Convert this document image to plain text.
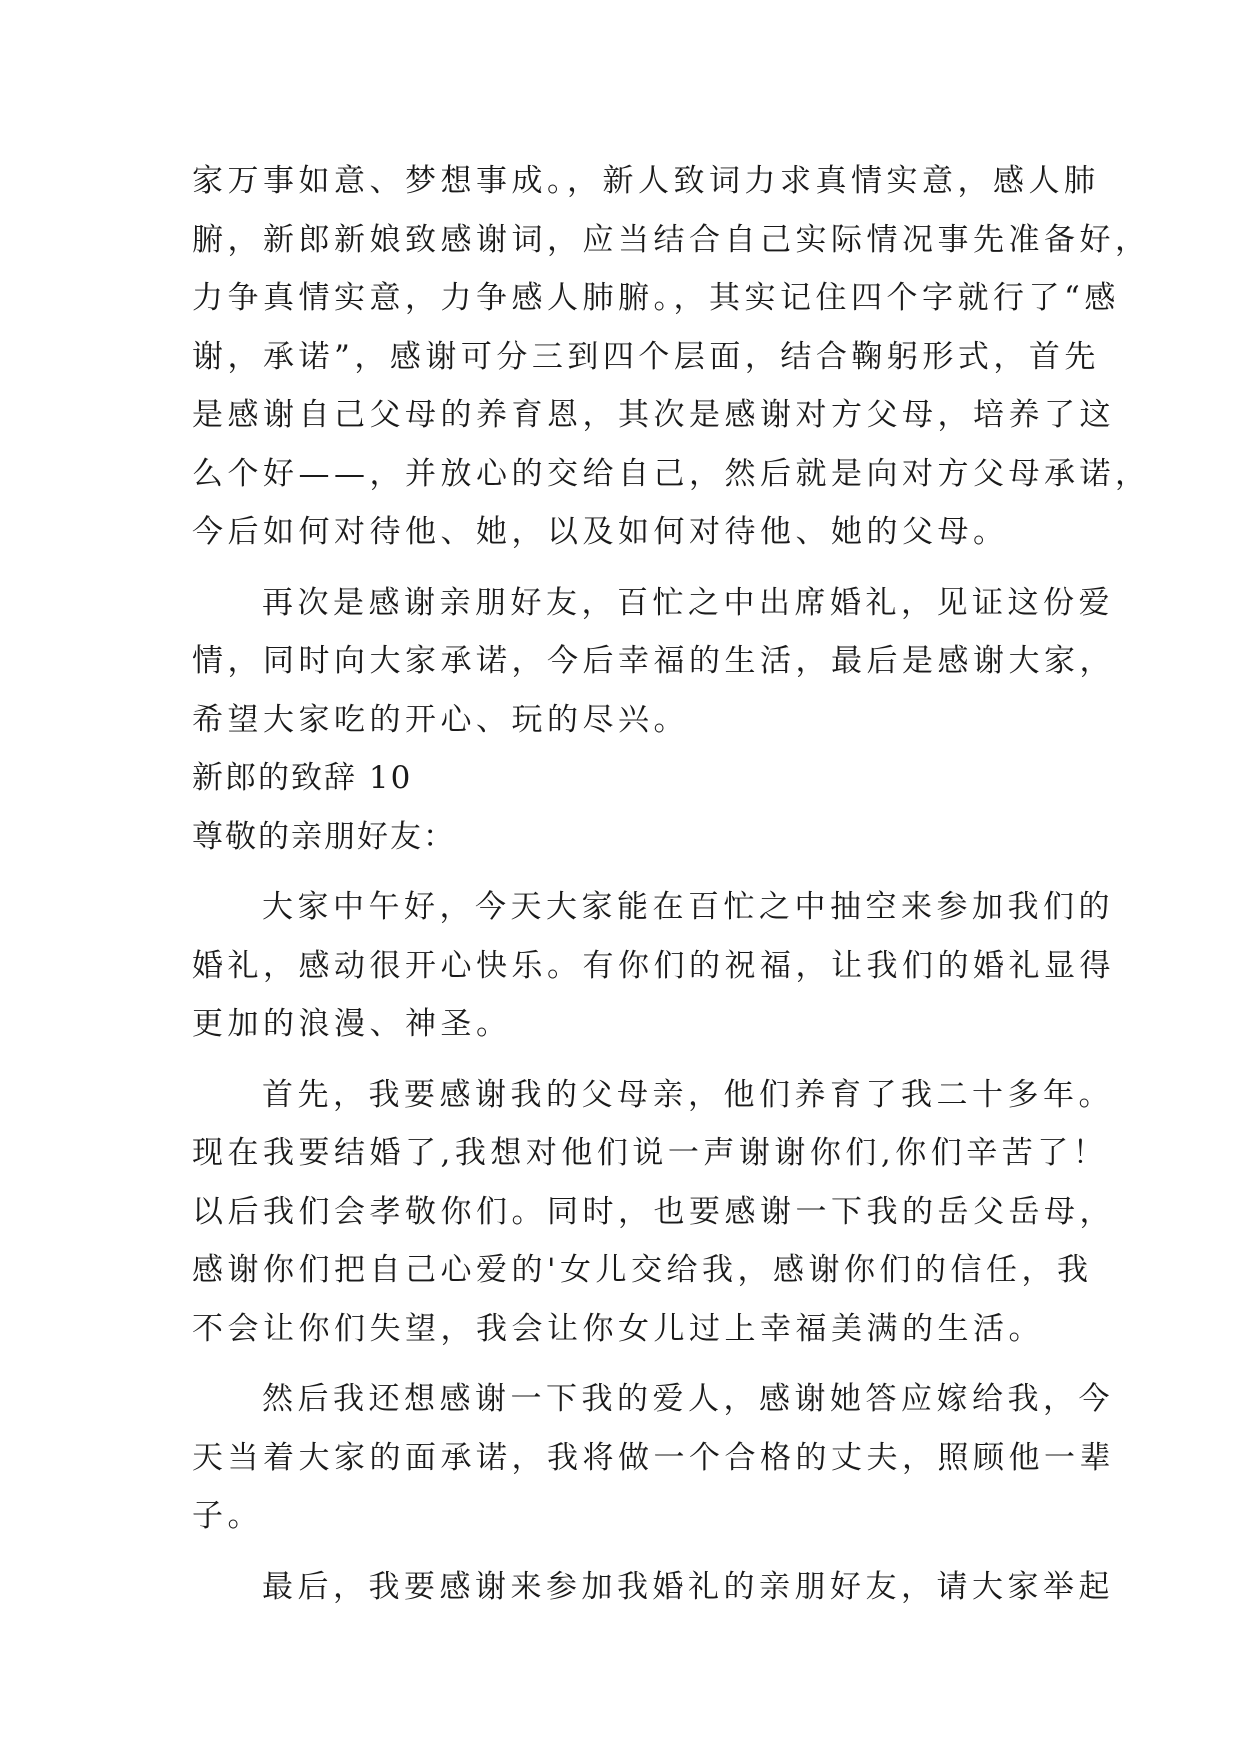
家万事如意、梦想事成。，新人致词力求真情实意，感人肺
腑，新郎新娘致感谢词，应当结合自己实际情况事先准备好，
力争真情实意，力争感人肺腑。，其实记住四个字就行了“感
谢，承诺”，感谢可分三到四个层面，结合鞠躬形式，首先
是感谢自己父母的养育恩，其次是感谢对方父母，培养了这
么个好——，并放心的交给自己，然后就是向对方父母承诺，
今后如何对待他、她，以及如何对待他、她的父母。

再次是感谢亲朋好友，百忙之中出席婚礼，见证这份爱
情，同时向大家承诺，今后幸福的生活，最后是感谢大家，
希望大家吃的开心、玩的尽兴。

新郎的致辞 10

尊敬的亲朋好友：

大家中午好，今天大家能在百忙之中抽空来参加我们的
婚礼，感动很开心快乐。有你们的祝福，让我们的婚礼显得
更加的浪漫、神圣。

首先，我要感谢我的父母亲，他们养育了我二十多年。
现在我要结婚了,我想对他们说一声谢谢你们,你们辛苦了！
以后我们会孝敬你们。同时，也要感谢一下我的岳父岳母，
感谢你们把自己心爱的'女儿交给我，感谢你们的信任，我
不会让你们失望，我会让你女儿过上幸福美满的生活。

然后我还想感谢一下我的爱人，感谢她答应嫁给我，今
天当着大家的面承诺，我将做一个合格的丈夫，照顾他一辈
子。

最后，我要感谢来参加我婚礼的亲朋好友，请大家举起
